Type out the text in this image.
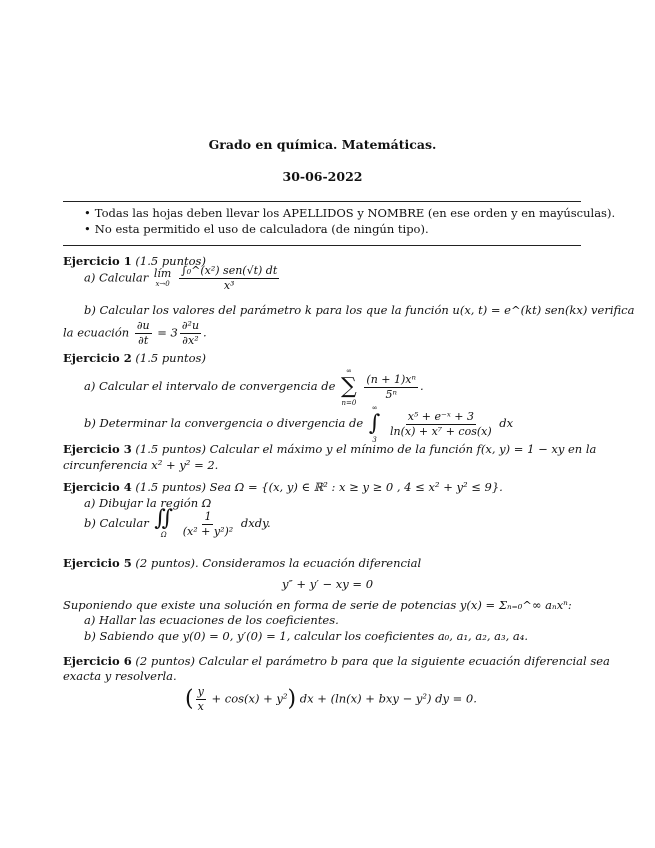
Grado en química. Matemáticas.
30-06-2022
• Todas las hojas deben llevar los APELLIDOS y NOMBRE (en ese orden y en mayúsculas).
• No esta permitido el uso de calculadora (de ningún tipo).
Ejercicio 1 (1.5 puntos)
a) Calcular lím
x→0
$\frac{\text{∫₀\textasciicircum{}(x²) sen(√t) dt}}{\text{x³}}$
b) Calcular los valores del parámetro k para los que la función u(x, t) = e^(kt) sen(kx) verifica
la ecuación $\frac{\partial u}{\partial t} = 3 \frac{\text{∂²u}}{\text{∂x²}}$ .
Ejercicio 2 (1.5 puntos)
a) Calcular el intervalo de convergencia de
∞
∑
n=0

$\frac{\text{(n + 1)xⁿ}}{\text{5ⁿ}}$ .
b) Determinar la convergencia o divergencia de
∞
∫
3

$\frac{\text{x⁵ + e⁻ˣ + 3}}{\text{ln(x) + x⁷ + cos(x)}}$ dx
Ejercicio 3 (1.5 puntos) Calcular el máximo y el mínimo de la función f(x, y) = 1 − xy en la
circunferencia x² + y² = 2.
Ejercicio 4 (1.5 puntos) Sea Ω = {(x, y) ∈ ℝ² : x ≥ y ≥ 0 , 4 ≤ x² + y² ≤ 9}.
a) Dibujar la región Ω
b) Calcular ∬
Ω
$\frac{1}{\text{(x² + y²)²}}$ dxdy.
Ejercicio 5 (2 puntos). Consideramos la ecuación diferencial
y″ + y′ − xy = 0
Suponiendo que existe una solución en forma de serie de potencias y(x) = Σₙ₌₀^∞ aₙxⁿ:
a) Hallar las ecuaciones de los coeficientes.
b) Sabiendo que y(0) = 0, y′(0) = 1, calcular los coeficientes a₀, a₁, a₂, a₃, a₄.
Ejercicio 6 (2 puntos) Calcular el parámetro b para que la siguiente ecuación diferencial sea
exacta y resolverla.
( $\frac{y}{x} + \cos(x) + y^2$) dx + (ln(x) + bxy − y²) dy = 0.
